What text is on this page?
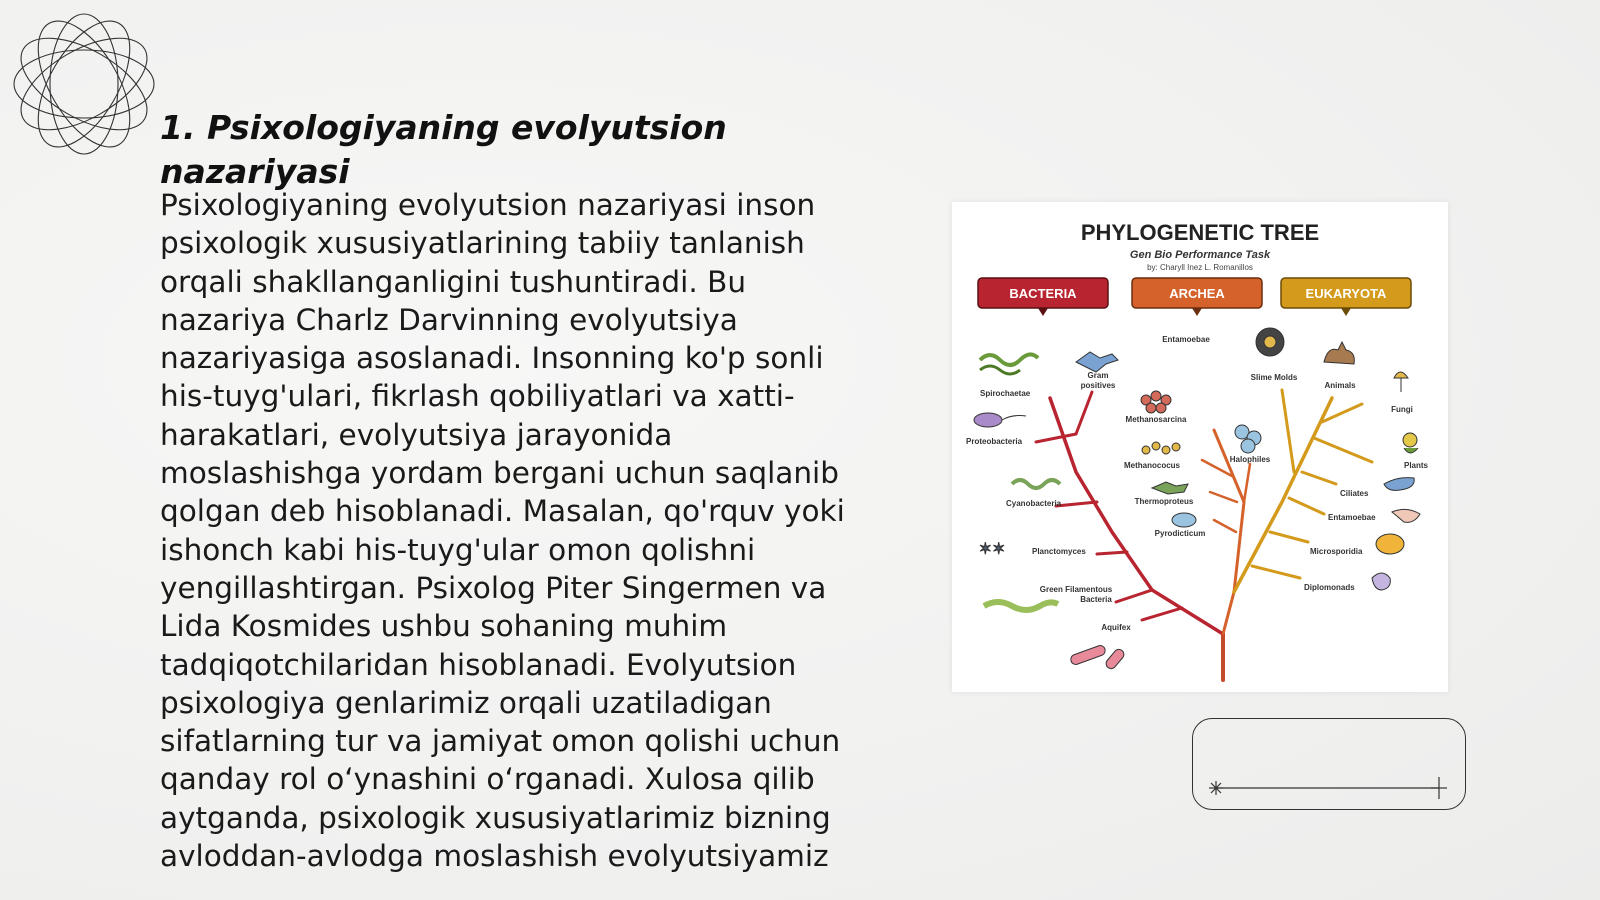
1. Psixologiyaning evolyutsion nazariyasi

Psixologiyaning evolyutsion nazariyasi inson psixologik xususiyatlarining tabiiy tanlanish orqali shakllanganligini tushuntiradi. Bu nazariya Charlz Darvinning evolyutsiya nazariyasiga asoslanadi. Insonning ko'p sonli his-tuyg'ulari, fikrlash qobiliyatlari va xatti-harakatlari, evolyutsiya jarayonida moslashishga yordam bergani uchun saqlanib qolgan deb hisoblanadi. Masalan, qo'rquv yoki ishonch kabi his-tuyg'ular omon qolishni yengillashtirgan. Psixolog Piter Singermen va Lida Kosmides ushbu sohaning muhim tadqiqotchilaridan hisoblanadi. Evolyutsion psixologiya genlarimiz orqali uzatiladigan sifatlarning tur va jamiyat omon qolishi uchun qanday rol o‘ynashini o‘rganadi. Xulosa qilib aytganda, psixologik xususiyatlarimiz bizning avloddan-avlodga moslashish evolyutsiyamiz

PHYLOGENETIC TREE
Gen Bio Performance Task
by: Charyll Inez L. Romanillos
BACTERIA	ARCHEA	EUKARYOTA
✶✶
Spirochaetae
Gram
positives
Proteobacteria
Cyanobacteria
Planctomyces
Green Filamentous
Bacteria
Aquifex
Entamoebae
Methanosarcina
Methanococus
Thermoproteus
Pyrodicticum
Halophiles
Slime Molds
Animals
Fungi
Plants
Ciliates
Entamoebae
Microsporidia
Diplomonads
